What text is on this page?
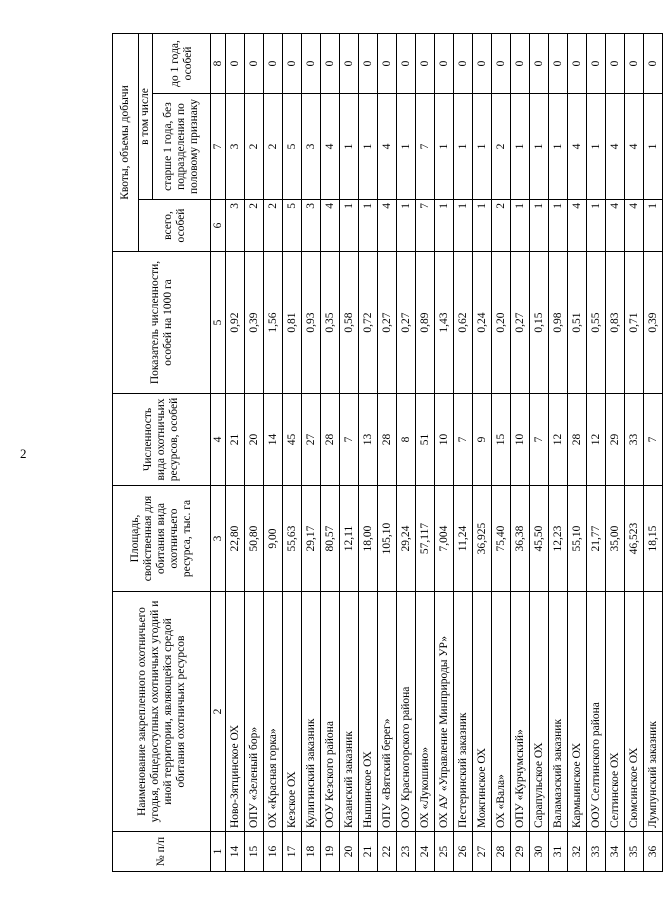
2
№ п/п	Наименование закрепленного охотничьего угодья, общедоступных охотничьих угодий и иной территории, являющейся средой обитания охотничьих ресурсов	Площадь, свойственная для обитания вида охотничьего ресурса, тыс. га	Численность вида охотничьих ресурсов, особей	Показатель численности, особей на 1000 га	Квоты, объемы добычи		
					всего, особей	в том числе	
						старше 1 года, без подразделения по половому признаку	до 1 года, особей
1	2	3	4	5	6	7	8
14	Ново-Зятцинское ОХ	22,80	21	0,92	3	3	0
15	ОПУ «Зеленый бор»	50,80	20	0,39	2	2	0
16	ОХ «Красная горка»	9,00	14	1,56	2	2	0
17	Кезское ОХ	55,63	45	0,81	5	5	0
18	Кулигинский заказник	29,17	27	0,93	3	3	0
19	ООУ Кезского района	80,57	28	0,35	4	4	0
20	Казанский заказник	12,11	7	0,58	1	1	0
21	Нышинское ОХ	18,00	13	0,72	1	1	0
22	ОПУ «Вятский берег»	105,10	28	0,27	4	4	0
23	ООУ Красногорского района	29,24	8	0,27	1	1	0
24	ОХ «Лукошино»	57,117	51	0,89	7	7	0
25	ОХ АУ «Управление Минприроды УР»	7,004	10	1,43	1	1	0
26	Пестеринский заказник	11,24	7	0,62	1	1	0
27	Можгинское ОХ	36,925	9	0,24	1	1	0
28	ОХ «Вала»	75,40	15	0,20	2	2	0
29	ОПУ «Курчумский»	36,38	10	0,27	1	1	0
30	Сарапульское ОХ	45,50	7	0,15	1	1	0
31	Валамазский заказник	12,23	12	0,98	1	1	0
32	Кармыинское ОХ	55,10	28	0,51	4	4	0
33	ООУ Селтинского района	21,77	12	0,55	1	1	0
34	Селтинское ОХ	35,00	29	0,83	4	4	0
35	Сюмсинское ОХ	46,523	33	0,71	4	4	0
36	Лумпунский заказник	18,15	7	0,39	1	1	0
